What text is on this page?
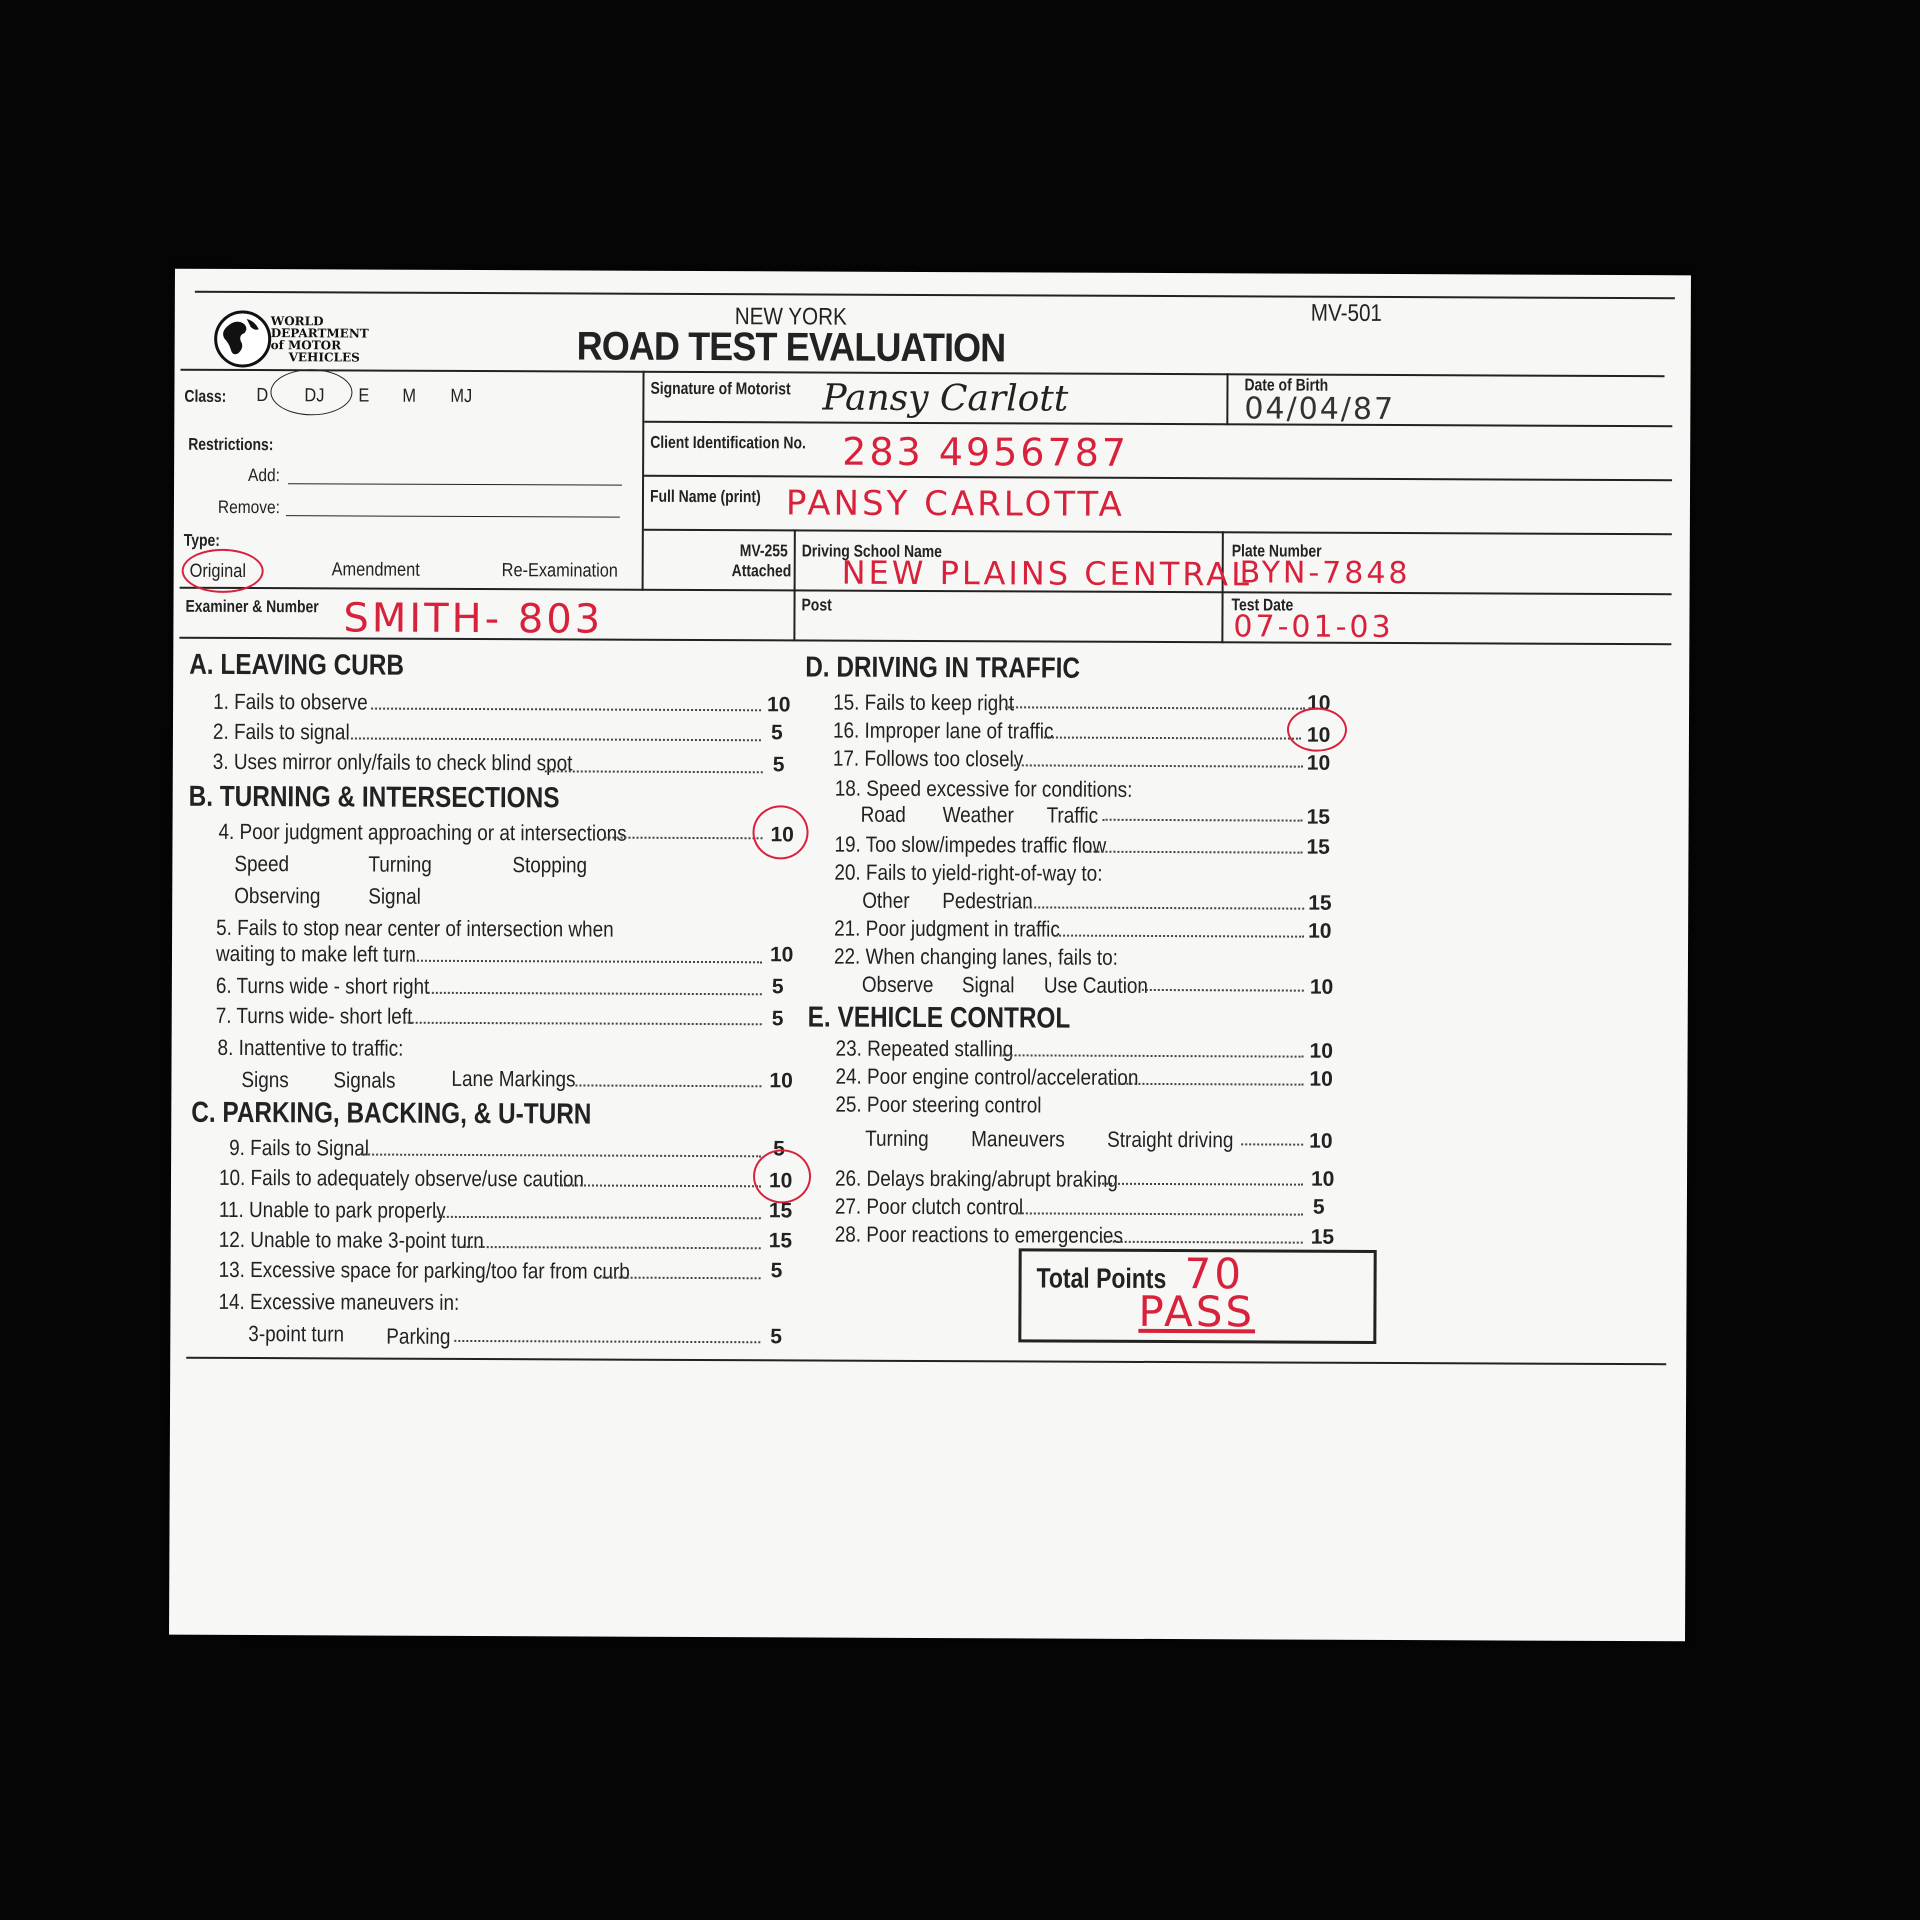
WORLD
DEPARTMENT
of MOTOR
VEHICLES
NEW YORK
ROAD TEST EVALUATION
MV-501
Class: D DJ E M MJ
Restrictions:
Add:
Remove:
Type:
Original	Amendment	Re-Examination
Signature of Motorist Pansy Carlott	Date of Birth
04/04/87
Client Identification No. 283 4956787
Full Name (print) PANSY CARLOTTA
MV-255
Attached
Driving School Name
NEW PLAINS CENTRAL
Plate Number
BYN-7848
Examiner & Number SMITH- 803	Post	Test Date
07-01-03
A. LEAVING CURB
1. Fails to observe	10
2. Fails to signal	5
3. Uses mirror only/fails to check blind spot	5
B. TURNING & INTERSECTIONS
4. Poor judgment approaching or at intersections	10
Speed	Turning	Stopping
Observing Signal
5. Fails to stop near center of intersection when
waiting to make left turn	10
6. Turns wide - short right	5
7. Turns wide- short left	5
8. Inattentive to traffic:
Signs Signals	Lane Markings	10
C. PARKING, BACKING, & U-TURN
9. Fails to Signal	5
10. Fails to adequately observe/use caution	10
11. Unable to park properly	15
12. Unable to make 3-point turn	15
13. Excessive space for parking/too far from curb	5
14. Excessive maneuvers in:
3-point turn Parking	5
D. DRIVING IN TRAFFIC
15. Fails to keep right	10
16. Improper lane of traffic	10
17. Follows too closely	10
18. Speed excessive for conditions:
Road Weather Traffic	15
19. Too slow/impedes traffic flow	15
20. Fails to yield-right-of-way to:
Other Pedestrian	15
21. Poor judgment in traffic	10
22. When changing lanes, fails to:
Observe Signal Use Caution	10
E. VEHICLE CONTROL
23. Repeated stalling	10
24. Poor engine control/acceleration	10
25. Poor steering control
Turning Maneuvers Straight driving	10
26. Delays braking/abrupt braking	10
27. Poor clutch control	5
28. Poor reactions to emergencies	15
Total Points 70
PASS
